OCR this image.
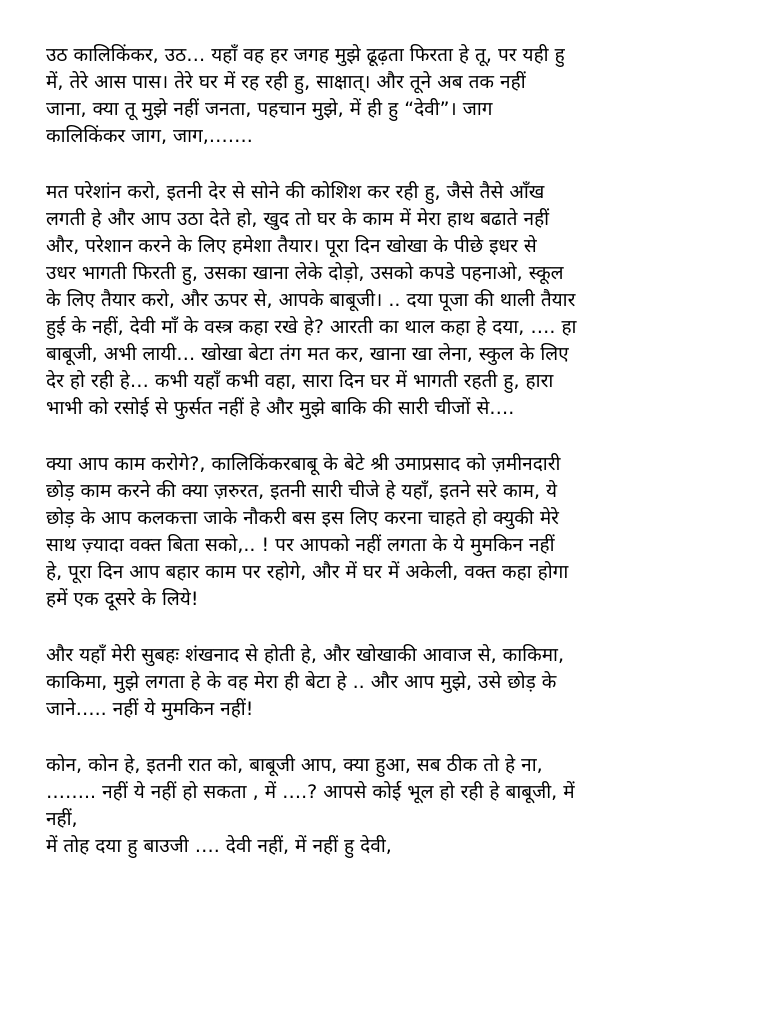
उठ कालिकिंकर, उठ… यहाँ वह हर जगह मुझे ढूढ़ता फिरता हे तू, पर यही हु
में, तेरे आस पास। तेरे घर में रह रही हु, साक्षात्। और तूने अब तक नहीं
जाना, क्या तू मुझे नहीं जनता, पहचान मुझे, में ही हु “देवी”। जाग
कालिकिंकर जाग, जाग,…….
मत परेशांन करो, इतनी देर से सोने की कोशिश कर रही हु, जैसे तैसे आँख
लगती हे और आप उठा देते हो, खुद तो घर के काम में मेरा हाथ बढाते नहीं
और, परेशान करने के लिए हमेशा तैयार। पूरा दिन खोखा के पीछे इधर से
उधर भागती फिरती हु, उसका खाना लेके दोड़ो, उसको कपडे पहनाओ, स्कूल
के लिए तैयार करो, और ऊपर से, आपके बाबूजी। .. दया पूजा की थाली तैयार
हुई के नहीं, देवी माँ के वस्त्र कहा रखे हे? आरती का थाल कहा हे दया, …. हा
बाबूजी, अभी लायी… खोखा बेटा तंग मत कर, खाना खा लेना, स्कुल के लिए
देर हो रही हे… कभी यहाँ कभी वहा, सारा दिन घर में भागती रहती हु, हारा
भाभी को रसोई से फुर्सत नहीं हे और मुझे बाकि की सारी चीजों से….
क्या आप काम करोगे?, कालिकिंकरबाबू के बेटे श्री उमाप्रसाद को ज़मीनदारी
छोड़ काम करने की क्या ज़रुरत, इतनी सारी चीजे हे यहाँ, इतने सरे काम, ये
छोड़ के आप कलकत्ता जाके नौकरी बस इस लिए करना चाहते हो क्युकी मेरे
साथ ज़्यादा वक्त बिता सको,.. ! पर आपको नहीं लगता के ये मुमकिन नहीं
हे, पूरा दिन आप बहार काम पर रहोगे, और में घर में अकेली, वक्त कहा होगा
हमें एक दूसरे के लिये!
और यहाँ मेरी सुबहः शंखनाद से होती हे, और खोखाकी आवाज से, काकिमा,
काकिमा, मुझे लगता हे के वह मेरा ही बेटा हे .. और आप मुझे, उसे छोड़ के
जाने….. नहीं ये मुमकिन नहीं!
कोन, कोन हे, इतनी रात को, बाबूजी आप, क्या हुआ, सब ठीक तो हे ना,
…….. नहीं ये नहीं हो सकता , में ….? आपसे कोई भूल हो रही हे बाबूजी, में
नहीं,
में तोह दया हु बाउजी …. देवी नहीं, में नहीं हु देवी,
